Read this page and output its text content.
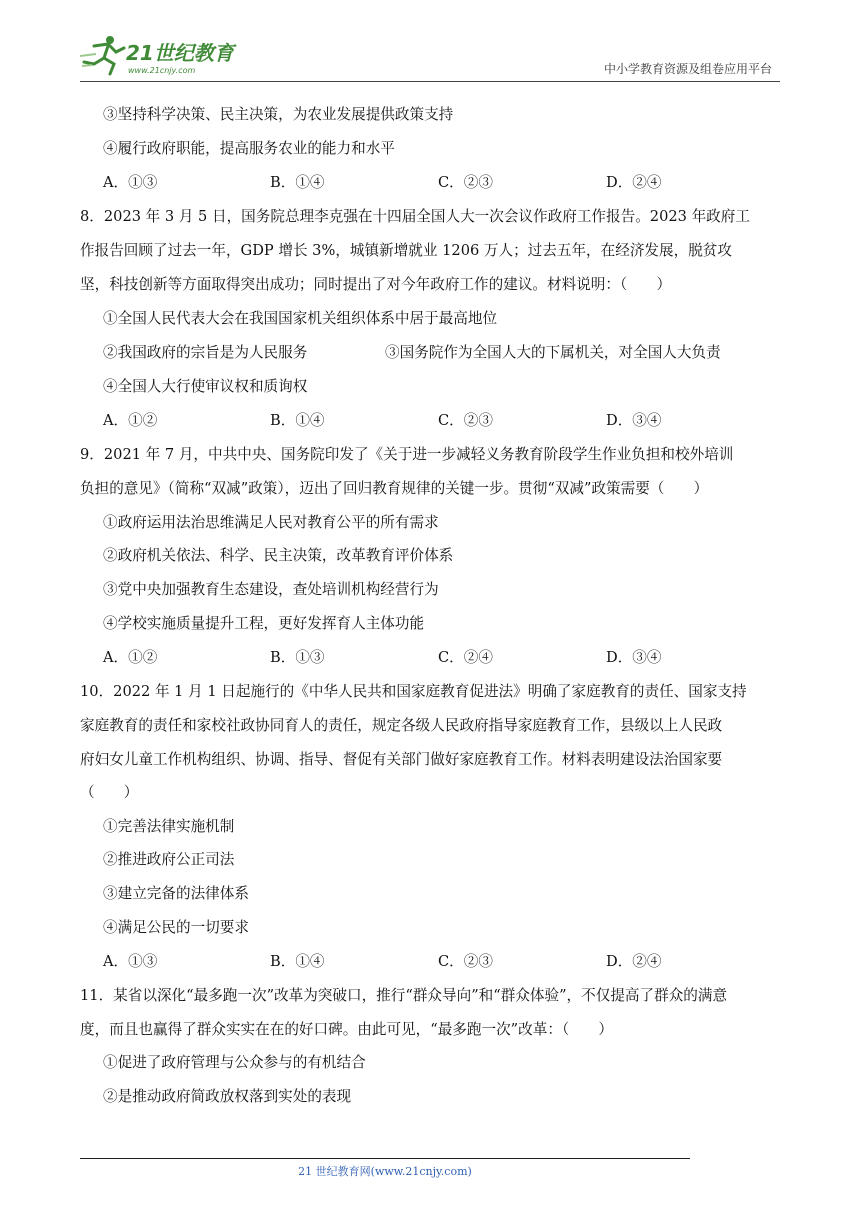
21世纪教育
www.21cnjy.com	中小学教育资源及组卷应用平台
③坚持科学决策、民主决策，为农业发展提供政策支持
④履行政府职能，提高服务农业的能力和水平
A．①③	B．①④	C．②③	D．②④
8．2023 年 3 月 5 日，国务院总理李克强在十四届全国人大一次会议作政府工作报告。2023 年政府工
作报告回顾了过去一年，GDP 增长 3%，城镇新增就业 1206 万人；过去五年，在经济发展，脱贫攻
坚，科技创新等方面取得突出成功；同时提出了对今年政府工作的建议。材料说明：（　　）
①全国人民代表大会在我国国家机关组织体系中居于最高地位
②我国政府的宗旨是为人民服务	③国务院作为全国人大的下属机关，对全国人大负责
④全国人大行使审议权和质询权
A．①②	B．①④	C．②③	D．③④
9．2021 年 7 月，中共中央、国务院印发了《关于进一步减轻义务教育阶段学生作业负担和校外培训
负担的意见》（简称“双减”政策），迈出了回归教育规律的关键一步。贯彻“双减”政策需要（　　）
①政府运用法治思维满足人民对教育公平的所有需求
②政府机关依法、科学、民主决策，改革教育评价体系
③党中央加强教育生态建设，查处培训机构经营行为
④学校实施质量提升工程，更好发挥育人主体功能
A．①②	B．①③	C．②④	D．③④
10．2022 年 1 月 1 日起施行的《中华人民共和国家庭教育促进法》明确了家庭教育的责任、国家支持
家庭教育的责任和家校社政协同育人的责任，规定各级人民政府指导家庭教育工作，县级以上人民政
府妇女儿童工作机构组织、协调、指导、督促有关部门做好家庭教育工作。材料表明建设法治国家要
（　　）
①完善法律实施机制
②推进政府公正司法
③建立完备的法律体系
④满足公民的一切要求
A．①③	B．①④	C．②③	D．②④
11．某省以深化“最多跑一次”改革为突破口，推行“群众导向”和“群众体验”，不仅提高了群众的满意
度，而且也赢得了群众实实在在的好口碑。由此可见，“最多跑一次”改革：（　　）
①促进了政府管理与公众参与的有机结合
②是推动政府简政放权落到实处的表现
21 世纪教育网(www.21cnjy.com)
